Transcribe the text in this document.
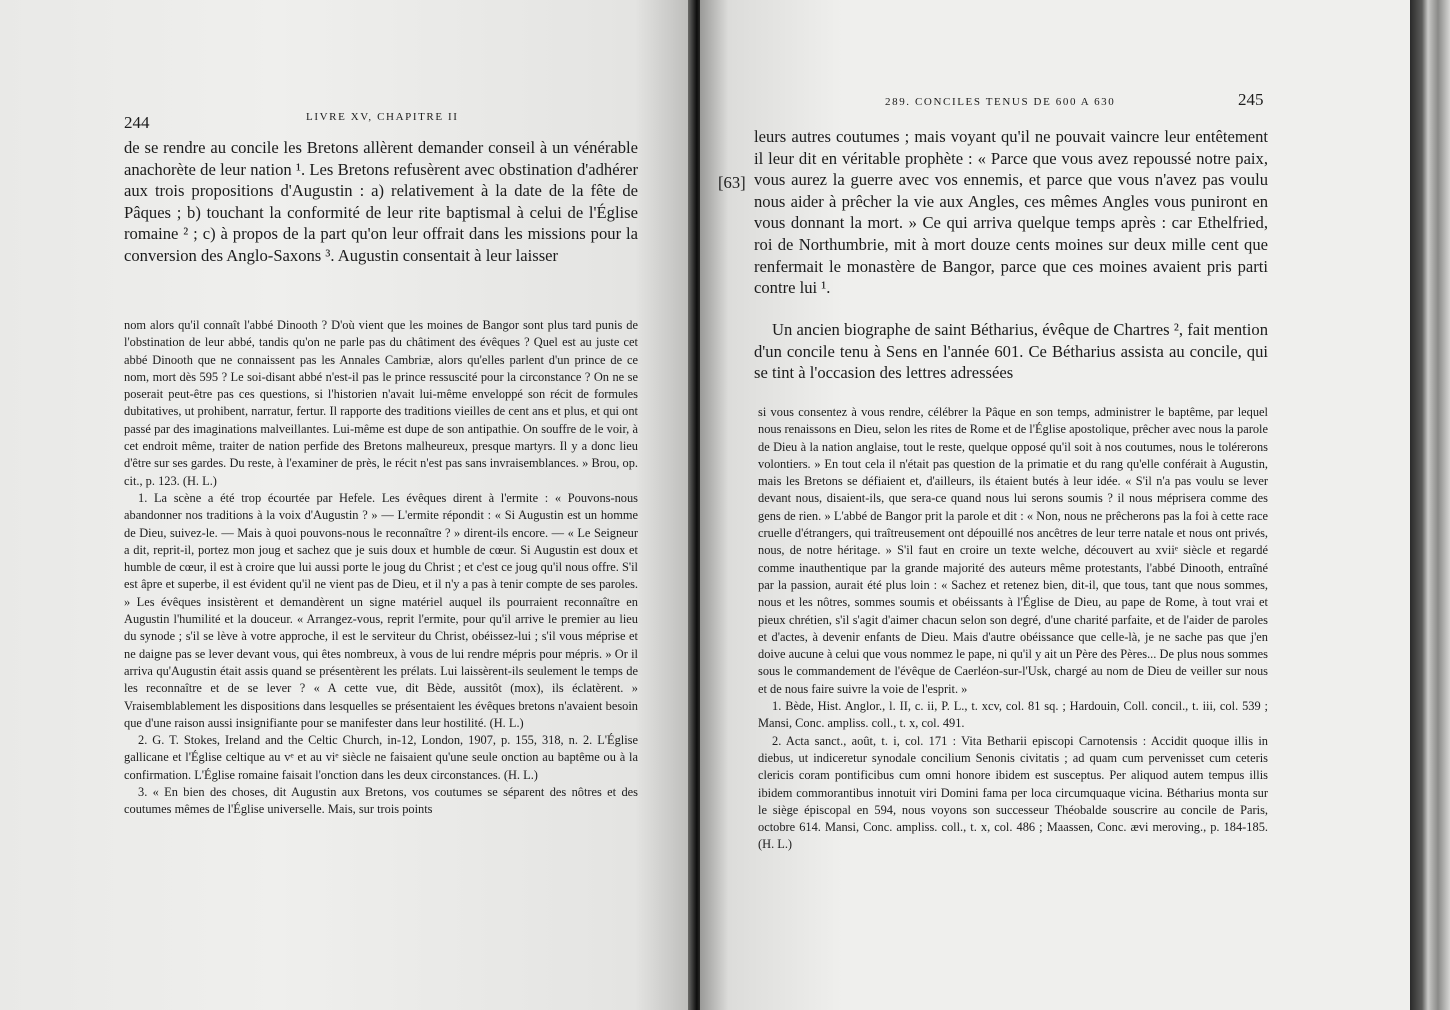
244	LIVRE XV, CHAPITRE II

de se rendre au concile les Bretons allèrent demander conseil à un vénérable anachorète de leur nation ¹. Les Bretons refusèrent avec obstination d'adhérer aux trois propositions d'Augustin : a) relativement à la date de la fête de Pâques ; b) touchant la conformité de leur rite baptismal à celui de l'Église romaine ² ; c) à propos de la part qu'on leur offrait dans les missions pour la conversion des Anglo-Saxons ³. Augustin consentait à leur laisser

nom alors qu'il connaît l'abbé Dinooth ? D'où vient que les moines de Bangor sont plus tard punis de l'obstination de leur abbé, tandis qu'on ne parle pas du châtiment des évêques ? Quel est au juste cet abbé Dinooth que ne connaissent pas les Annales Cambriæ, alors qu'elles parlent d'un prince de ce nom, mort dès 595 ? Le soi-disant abbé n'est-il pas le prince ressuscité pour la circonstance ? On ne se poserait peut-être pas ces questions, si l'historien n'avait lui-même enveloppé son récit de formules dubitatives, ut prohibent, narratur, fertur. Il rapporte des traditions vieilles de cent ans et plus, et qui ont passé par des imaginations malveillantes. Lui-même est dupe de son antipathie. On souffre de le voir, à cet endroit même, traiter de nation perfide des Bretons malheureux, presque martyrs. Il y a donc lieu d'être sur ses gardes. Du reste, à l'examiner de près, le récit n'est pas sans invraisemblances. » Brou, op. cit., p. 123. (H. L.)

1. La scène a été trop écourtée par Hefele. Les évêques dirent à l'ermite : « Pouvons-nous abandonner nos traditions à la voix d'Augustin ? » — L'ermite répondit : « Si Augustin est un homme de Dieu, suivez-le. — Mais à quoi pouvons-nous le reconnaître ? » dirent-ils encore. — « Le Seigneur a dit, reprit-il, portez mon joug et sachez que je suis doux et humble de cœur. Si Augustin est doux et humble de cœur, il est à croire que lui aussi porte le joug du Christ ; et c'est ce joug qu'il nous offre. S'il est âpre et superbe, il est évident qu'il ne vient pas de Dieu, et il n'y a pas à tenir compte de ses paroles. » Les évêques insistèrent et demandèrent un signe matériel auquel ils pourraient reconnaître en Augustin l'humilité et la douceur. « Arrangez-vous, reprit l'ermite, pour qu'il arrive le premier au lieu du synode ; s'il se lève à votre approche, il est le serviteur du Christ, obéissez-lui ; s'il vous méprise et ne daigne pas se lever devant vous, qui êtes nombreux, à vous de lui rendre mépris pour mépris. » Or il arriva qu'Augustin était assis quand se présentèrent les prélats. Lui laissèrent-ils seulement le temps de les reconnaître et de se lever ? « A cette vue, dit Bède, aussitôt (mox), ils éclatèrent. » Vraisemblablement les dispositions dans lesquelles se présentaient les évêques bretons n'avaient besoin que d'une raison aussi insignifiante pour se manifester dans leur hostilité. (H. L.)

2. G. T. Stokes, Ireland and the Celtic Church, in-12, London, 1907, p. 155, 318, n. 2. L'Église gallicane et l'Église celtique au vᵉ et au viᵉ siècle ne faisaient qu'une seule onction au baptême ou à la confirmation. L'Église romaine faisait l'onction dans les deux circonstances. (H. L.)

3. « En bien des choses, dit Augustin aux Bretons, vos coutumes se séparent des nôtres et des coutumes mêmes de l'Église universelle. Mais, sur trois points

289. CONCILES TENUS DE 600 A 630	245
[63]

leurs autres coutumes ; mais voyant qu'il ne pouvait vaincre leur entêtement il leur dit en véritable prophète : « Parce que vous avez repoussé notre paix, vous aurez la guerre avec vos ennemis, et parce que vous n'avez pas voulu nous aider à prêcher la vie aux Angles, ces mêmes Angles vous puniront en vous donnant la mort. » Ce qui arriva quelque temps après : car Ethelfried, roi de Northumbrie, mit à mort douze cents moines sur deux mille cent que renfermait le monastère de Bangor, parce que ces moines avaient pris parti contre lui ¹.

Un ancien biographe de saint Bétharius, évêque de Chartres ², fait mention d'un concile tenu à Sens en l'année 601. Ce Bétharius assista au concile, qui se tint à l'occasion des lettres adressées

si vous consentez à vous rendre, célébrer la Pâque en son temps, administrer le baptême, par lequel nous renaissons en Dieu, selon les rites de Rome et de l'Église apostolique, prêcher avec nous la parole de Dieu à la nation anglaise, tout le reste, quelque opposé qu'il soit à nos coutumes, nous le tolérerons volontiers. » En tout cela il n'était pas question de la primatie et du rang qu'elle conférait à Augustin, mais les Bretons se défiaient et, d'ailleurs, ils étaient butés à leur idée. « S'il n'a pas voulu se lever devant nous, disaient-ils, que sera-ce quand nous lui serons soumis ? il nous méprisera comme des gens de rien. » L'abbé de Bangor prit la parole et dit : « Non, nous ne prêcherons pas la foi à cette race cruelle d'étrangers, qui traîtreusement ont dépouillé nos ancêtres de leur terre natale et nous ont privés, nous, de notre héritage. » S'il faut en croire un texte welche, découvert au xviiᵉ siècle et regardé comme inauthentique par la grande majorité des auteurs même protestants, l'abbé Dinooth, entraîné par la passion, aurait été plus loin : « Sachez et retenez bien, dit-il, que tous, tant que nous sommes, nous et les nôtres, sommes soumis et obéissants à l'Église de Dieu, au pape de Rome, à tout vrai et pieux chrétien, s'il s'agit d'aimer chacun selon son degré, d'une charité parfaite, et de l'aider de paroles et d'actes, à devenir enfants de Dieu. Mais d'autre obéissance que celle-là, je ne sache pas que j'en doive aucune à celui que vous nommez le pape, ni qu'il y ait un Père des Pères... De plus nous sommes sous le commandement de l'évêque de Caerléon-sur-l'Usk, chargé au nom de Dieu de veiller sur nous et de nous faire suivre la voie de l'esprit. »

1. Bède, Hist. Anglor., l. II, c. ii, P. L., t. xcv, col. 81 sq. ; Hardouin, Coll. concil., t. iii, col. 539 ; Mansi, Conc. ampliss. coll., t. x, col. 491.

2. Acta sanct., août, t. i, col. 171 : Vita Betharii episcopi Carnotensis : Accidit quoque illis in diebus, ut indiceretur synodale concilium Senonis civitatis ; ad quam cum pervenisset cum ceteris clericis coram pontificibus cum omni honore ibidem est susceptus. Per aliquod autem tempus illis ibidem commorantibus innotuit viri Domini fama per loca circumquaque vicina. Bétharius monta sur le siège épiscopal en 594, nous voyons son successeur Théobalde souscrire au concile de Paris, octobre 614. Mansi, Conc. ampliss. coll., t. x, col. 486 ; Maassen, Conc. ævi meroving., p. 184-185. (H. L.)
